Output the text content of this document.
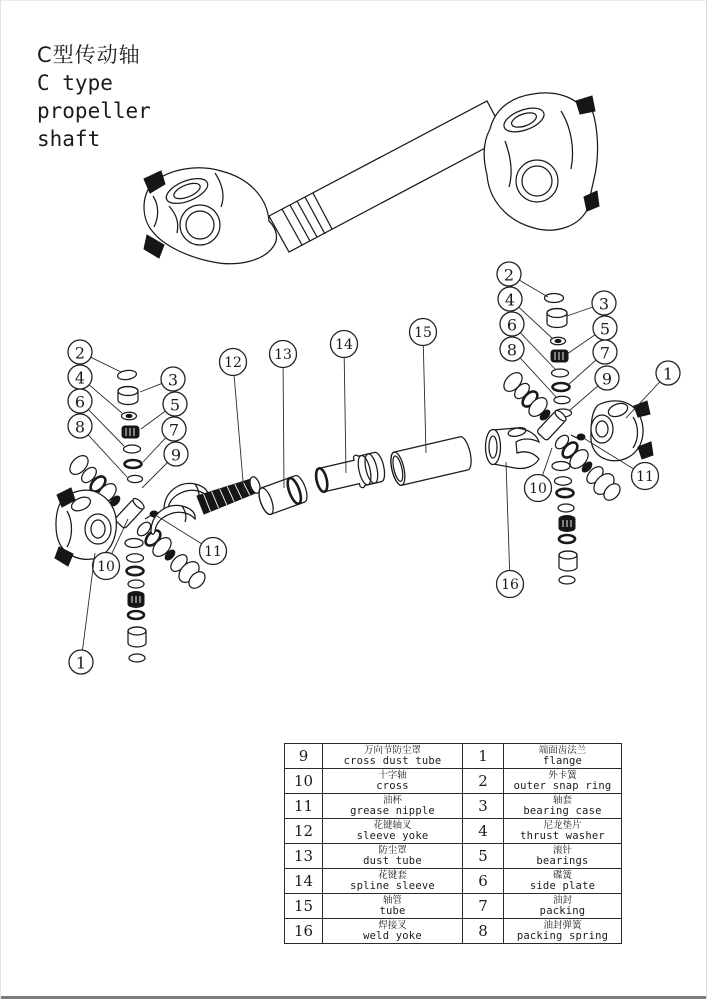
C型传动轴
C type
propeller
shaft
2
4
6
8
3
5
7
9
10
11
1
12 13
14
15
2
4
6
8
3
5
7
9	1
11
10
16
9	万向节防尘罩
cross dust tube	1	端面齿法兰
flange

10	十字轴
cross	2	外卡簧
outer snap ring

11	油杯
grease nipple	3	轴套
bearing case

12	花键轴叉
sleeve yoke	4	尼龙垫片
thrust washer

13	防尘罩
dust tube	5	滚针
bearings

14	花键套
spline sleeve	6	碟簧
side plate

15	轴管
tube	7	油封
packing

16	焊接叉
weld yoke	8	油封弹簧
packing spring
